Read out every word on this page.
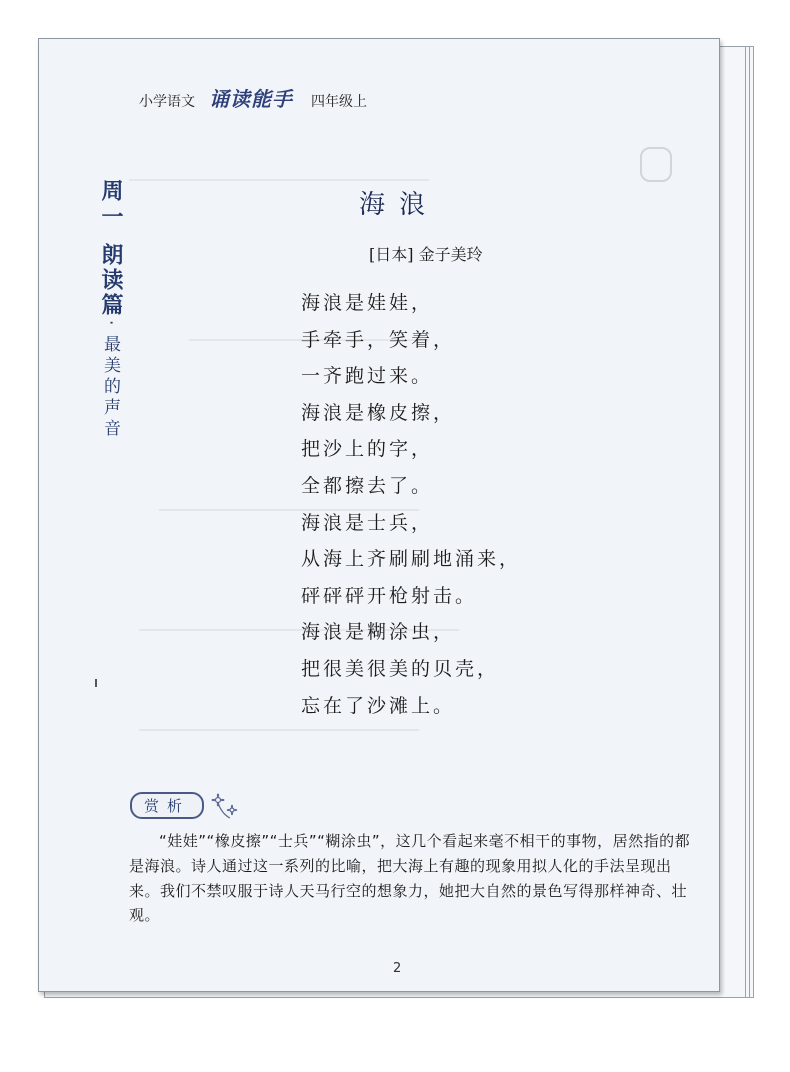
小学语文 诵读能手 四年级上
周一
朗读篇
·
最美的声音
海浪
[日本] 金子美玲
海浪是娃娃，
手牵手，笑着，
一齐跑过来。
海浪是橡皮擦，
把沙上的字，
全都擦去了。
海浪是士兵，
从海上齐刷刷地涌来，
砰砰砰开枪射击。
海浪是糊涂虫，
把很美很美的贝壳，
忘在了沙滩上。
赏析
“娃娃”“橡皮擦”“士兵”“糊涂虫”，这几个看起来毫不相干的事物，居然指的都是海浪。诗人通过这一系列的比喻，把大海上有趣的现象用拟人化的手法呈现出来。我们不禁叹服于诗人天马行空的想象力，她把大自然的景色写得那样神奇、壮观。
2
